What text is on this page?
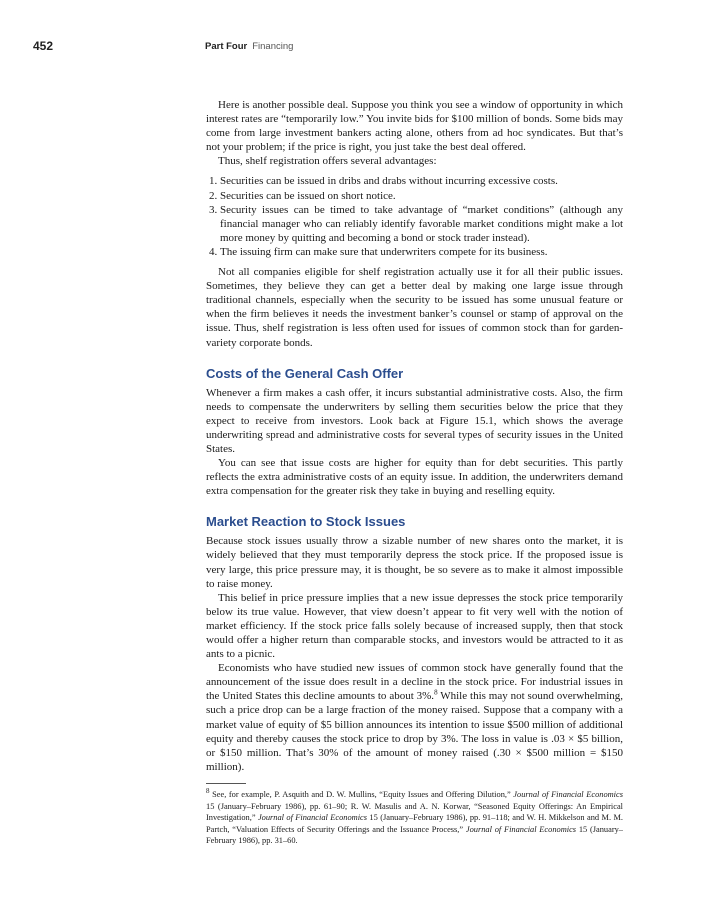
452	Part Four Financing

Here is another possible deal. Suppose you think you see a window of opportunity in which interest rates are “temporarily low.” You invite bids for $100 million of bonds. Some bids may come from large investment bankers acting alone, others from ad hoc syndicates. But that’s not your problem; if the price is right, you just take the best deal offered.

Thus, shelf registration offers several advantages:

1. Securities can be issued in dribs and drabs without incurring excessive costs.
2. Securities can be issued on short notice.
3. Security issues can be timed to take advantage of “market conditions” (although any financial manager who can reliably identify favorable market conditions might make a lot more money by quitting and becoming a bond or stock trader instead).
4. The issuing firm can make sure that underwriters compete for its business.

Not all companies eligible for shelf registration actually use it for all their public issues. Sometimes, they believe they can get a better deal by making one large issue through traditional channels, especially when the security to be issued has some unusual feature or when the firm believes it needs the investment banker’s counsel or stamp of approval on the issue. Thus, shelf registration is less often used for issues of common stock than for garden-variety corporate bonds.

Costs of the General Cash Offer

Whenever a firm makes a cash offer, it incurs substantial administrative costs. Also, the firm needs to compensate the underwriters by selling them securities below the price that they expect to receive from investors. Look back at Figure 15.1, which shows the average underwriting spread and administrative costs for several types of security issues in the United States.

You can see that issue costs are higher for equity than for debt securities. This partly reflects the extra administrative costs of an equity issue. In addition, the underwriters demand extra compensation for the greater risk they take in buying and reselling equity.

Market Reaction to Stock Issues

Because stock issues usually throw a sizable number of new shares onto the market, it is widely believed that they must temporarily depress the stock price. If the proposed issue is very large, this price pressure may, it is thought, be so severe as to make it almost impossible to raise money.

This belief in price pressure implies that a new issue depresses the stock price temporarily below its true value. However, that view doesn’t appear to fit very well with the notion of market efficiency. If the stock price falls solely because of increased supply, then that stock would offer a higher return than comparable stocks, and investors would be attracted to it as ants to a picnic.

Economists who have studied new issues of common stock have generally found that the announcement of the issue does result in a decline in the stock price. For industrial issues in the United States this decline amounts to about 3%.$^8$ While this may not sound overwhelming, such a price drop can be a large fraction of the money raised. Suppose that a company with a market value of equity of $5 billion announces its intention to issue $500 million of additional equity and thereby causes the stock price to drop by 3%. The loss in value is .03 × $5 billion, or $150 million. That’s 30% of the amount of money raised (.30 × $500 million = $150 million).

$^8$ See, for example, P. Asquith and D. W. Mullins, “Equity Issues and Offering Dilution,” Journal of Financial Economics 15 (January–February 1986), pp. 61–90; R. W. Masulis and A. N. Korwar, “Seasoned Equity Offerings: An Empirical Investigation,” Journal of Financial Economics 15 (January–February 1986), pp. 91–118; and W. H. Mikkelson and M. M. Partch, “Valuation Effects of Security Offerings and the Issuance Process,” Journal of Financial Economics 15 (January–February 1986), pp. 31–60.
